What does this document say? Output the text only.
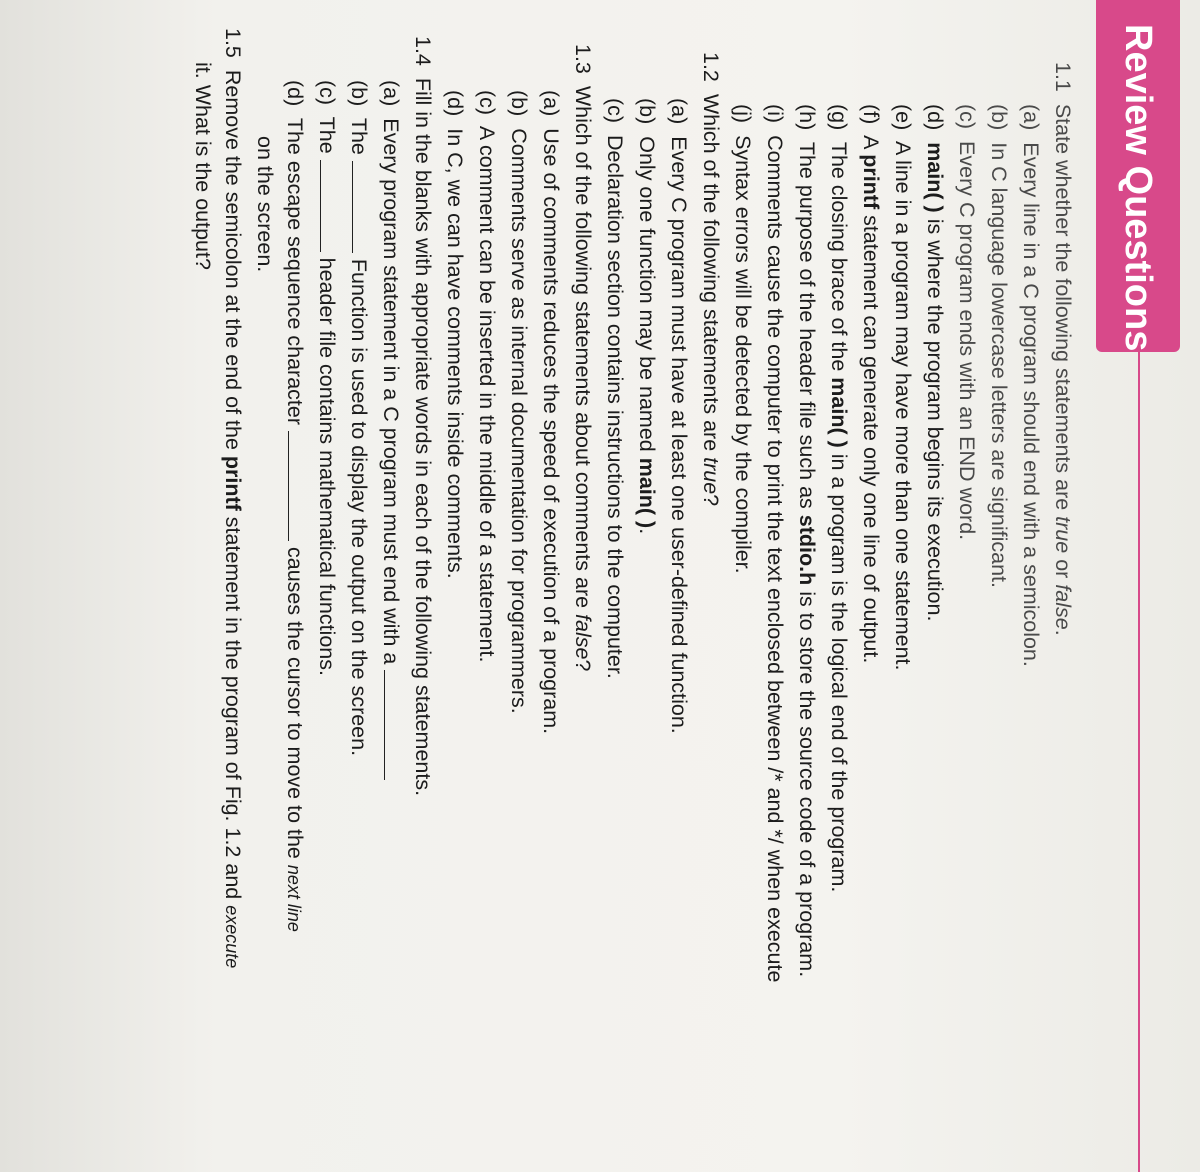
Review Questions
1.1  State whether the following statements are true or false.
(a)  Every line in a C program should end with a semicolon.
(b)  In C language lowercase letters are significant.
(c)  Every C program ends with an END word.
(d)  main( ) is where the program begins its execution.
(e)  A line in a program may have more than one statement.
(f)  A printf statement can generate only one line of output.
(g)  The closing brace of the main( ) in a program is the logical end of the program.
(h)  The purpose of the header file such as stdio.h is to store the source code of a program.
(i)  Comments cause the computer to print the text enclosed between /* and */ when execute
(j)  Syntax errors will be detected by the compiler.
1.2  Which of the following statements are true?
(a)  Every C program must have at least one user-defined function.
(b)  Only one function may be named main( ).
(c)  Declaration section contains instructions to the computer.
1.3  Which of the following statements about comments are false?
(a)  Use of comments reduces the speed of execution of a program.
(b)  Comments serve as internal documentation for programmers.
(c)  A comment can be inserted in the middle of a statement.
(d)  In C, we can have comments inside comments.
1.4  Fill in the blanks with appropriate words in each of the following statements.
(a)  Every program statement in a C program must end with a
(b)  The  Function is used to display the output on the screen.
(c)  The  header file contains mathematical functions.
(d)  The escape sequence character  causes the cursor to move to the next line
on the screen.
1.5  Remove the semicolon at the end of the printf statement in the program of Fig. 1.2 and execute
it. What is the output?
